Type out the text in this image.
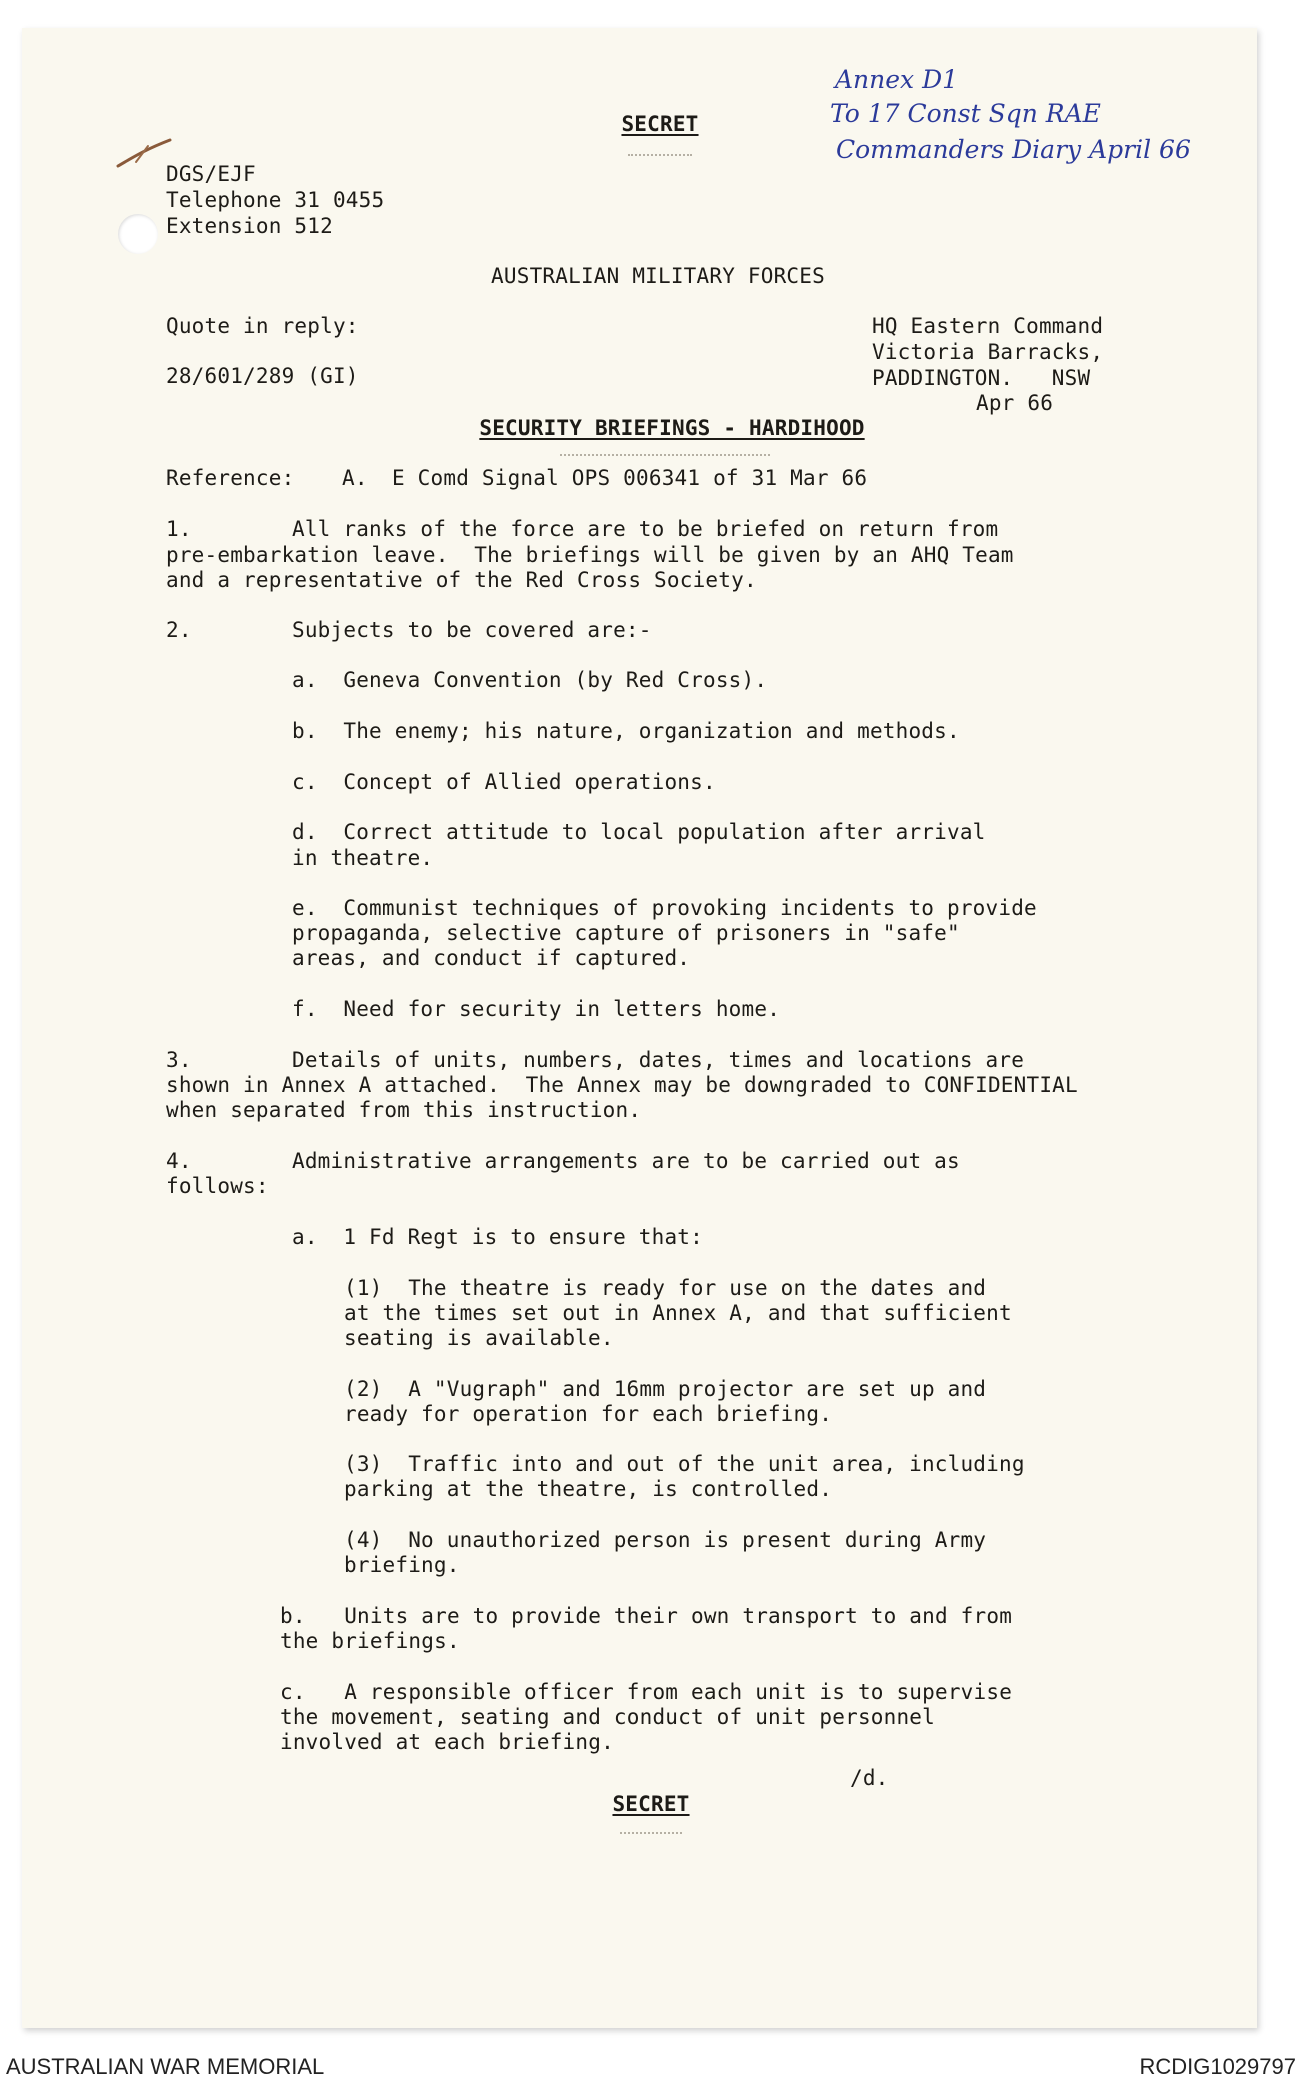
Annex D1
To 17 Const Sqn RAE
Commanders Diary April 66
SECRET
DGS/EJF
Telephone 31 0455
Extension 512
AUSTRALIAN MILITARY FORCES
Quote in reply:
28/601/289 (GI)
HQ Eastern Command
Victoria Barracks,
PADDINGTON.   NSW
Apr 66
SECURITY BRIEFINGS - HARDIHOOD
Reference: A. E Comd Signal OPS 006341 of 31 Mar 66
1.	All ranks of the force are to be briefed on return from
pre-embarkation leave.  The briefings will be given by an AHQ Team
and a representative of the Red Cross Society.
2.	Subjects to be covered are:-
a.  Geneva Convention (by Red Cross).
b.  The enemy; his nature, organization and methods.
c.  Concept of Allied operations.
d.  Correct attitude to local population after arrival
in theatre.
e.  Communist techniques of provoking incidents to provide
propaganda, selective capture of prisoners in "safe"
areas, and conduct if captured.
f.  Need for security in letters home.
3.	Details of units, numbers, dates, times and locations are
shown in Annex A attached.  The Annex may be downgraded to CONFIDENTIAL
when separated from this instruction.
4.	Administrative arrangements are to be carried out as
follows:
a.  1 Fd Regt is to ensure that:
(1)  The theatre is ready for use on the dates and
at the times set out in Annex A, and that sufficient
seating is available.
(2)  A "Vugraph" and 16mm projector are set up and
ready for operation for each briefing.
(3)  Traffic into and out of the unit area, including
parking at the theatre, is controlled.
(4)  No unauthorized person is present during Army
briefing.
b.   Units are to provide their own transport to and from
the briefings.
c.   A responsible officer from each unit is to supervise
the movement, seating and conduct of unit personnel
involved at each briefing.
/d.
SECRET
AUSTRALIAN WAR MEMORIAL	RCDIG1029797
